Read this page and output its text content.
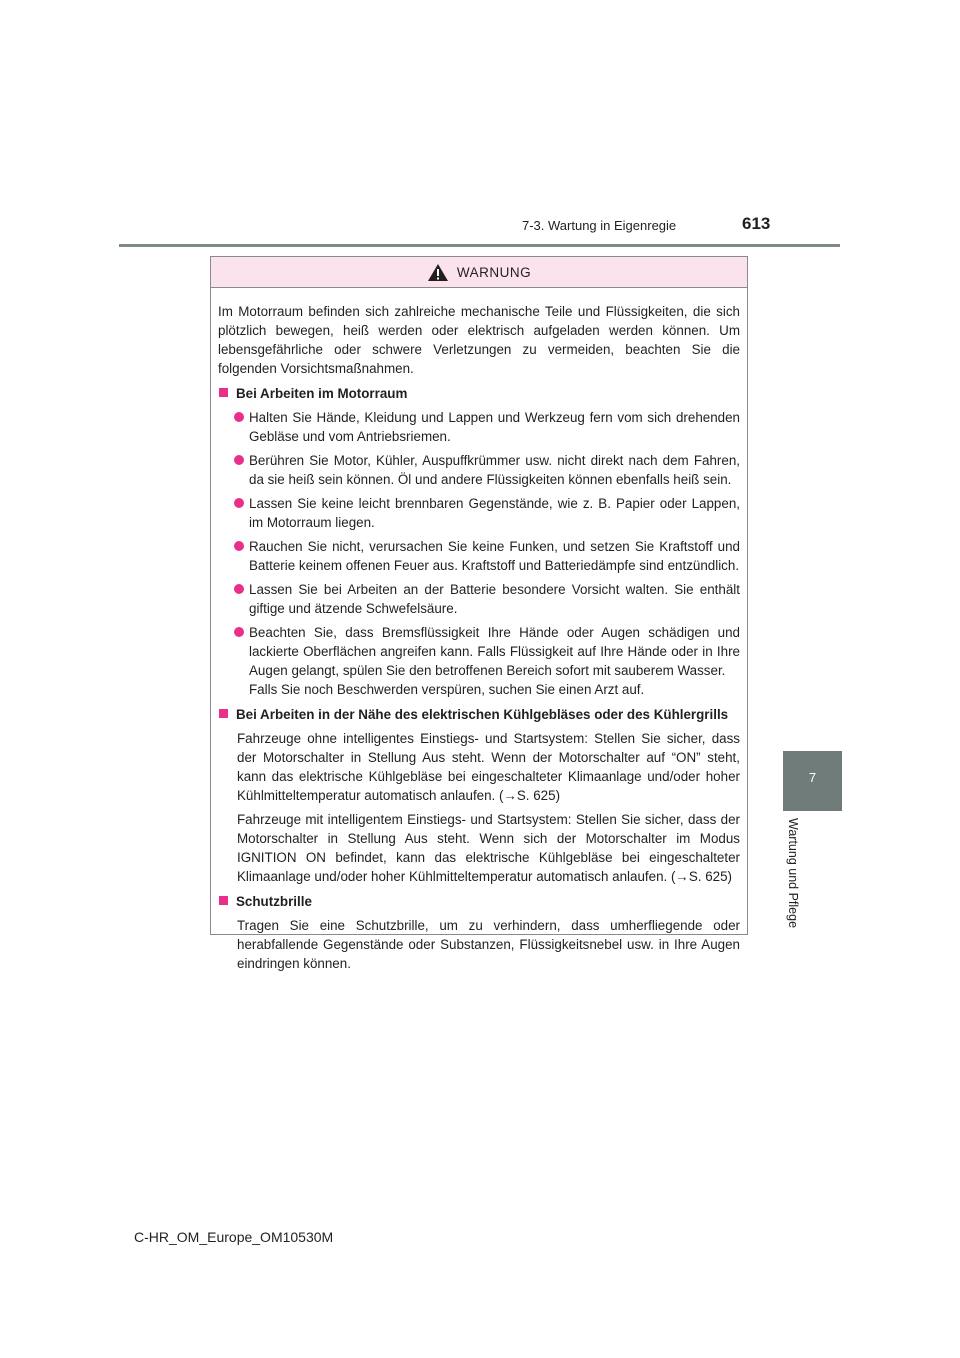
7-3. Wartung in Eigenregie	613
7
Wartung und Pflege
WARNUNG

Im Motorraum befinden sich zahlreiche mechanische Teile und Flüssigkeiten, die sich plötzlich bewegen, heiß werden oder elektrisch aufgeladen werden können. Um lebensgefährliche oder schwere Verletzungen zu vermeiden, beachten Sie die folgenden Vorsichtsmaßnahmen.

Bei Arbeiten im Motorraum
Halten Sie Hände, Kleidung und Lappen und Werkzeug fern vom sich drehenden Gebläse und vom Antriebsriemen.
Berühren Sie Motor, Kühler, Auspuffkrümmer usw. nicht direkt nach dem Fahren, da sie heiß sein können. Öl und andere Flüssigkeiten können ebenfalls heiß sein.
Lassen Sie keine leicht brennbaren Gegenstände, wie z. B. Papier oder Lappen, im Motorraum liegen.
Rauchen Sie nicht, verursachen Sie keine Funken, und setzen Sie Kraftstoff und Batterie keinem offenen Feuer aus. Kraftstoff und Batteriedämpfe sind entzündlich.
Lassen Sie bei Arbeiten an der Batterie besondere Vorsicht walten. Sie enthält giftige und ätzende Schwefelsäure.
Beachten Sie, dass Bremsflüssigkeit Ihre Hände oder Augen schädigen und lackierte Oberflächen angreifen kann. Falls Flüssigkeit auf Ihre Hände oder in Ihre Augen gelangt, spülen Sie den betroffenen Bereich sofort mit sauberem Wasser.
Falls Sie noch Beschwerden verspüren, suchen Sie einen Arzt auf.
Bei Arbeiten in der Nähe des elektrischen Kühlgebläses oder des Kühlergrills

Fahrzeuge ohne intelligentes Einstiegs- und Startsystem: Stellen Sie sicher, dass der Motorschalter in Stellung Aus steht. Wenn der Motorschalter auf “ON” steht, kann das elektrische Kühlgebläse bei eingeschalteter Klimaanlage und/oder hoher Kühlmitteltemperatur automatisch anlaufen. (→S. 625)

Fahrzeuge mit intelligentem Einstiegs- und Startsystem: Stellen Sie sicher, dass der Motorschalter in Stellung Aus steht. Wenn sich der Motorschalter im Modus IGNITION ON befindet, kann das elektrische Kühlgebläse bei eingeschalteter Klimaanlage und/oder hoher Kühlmitteltemperatur automatisch anlaufen. (→S. 625)

Schutzbrille

Tragen Sie eine Schutzbrille, um zu verhindern, dass umherfliegende oder herabfallende Gegenstände oder Substanzen, Flüssigkeitsnebel usw. in Ihre Augen eindringen können.

C-HR_OM_Europe_OM10530M
